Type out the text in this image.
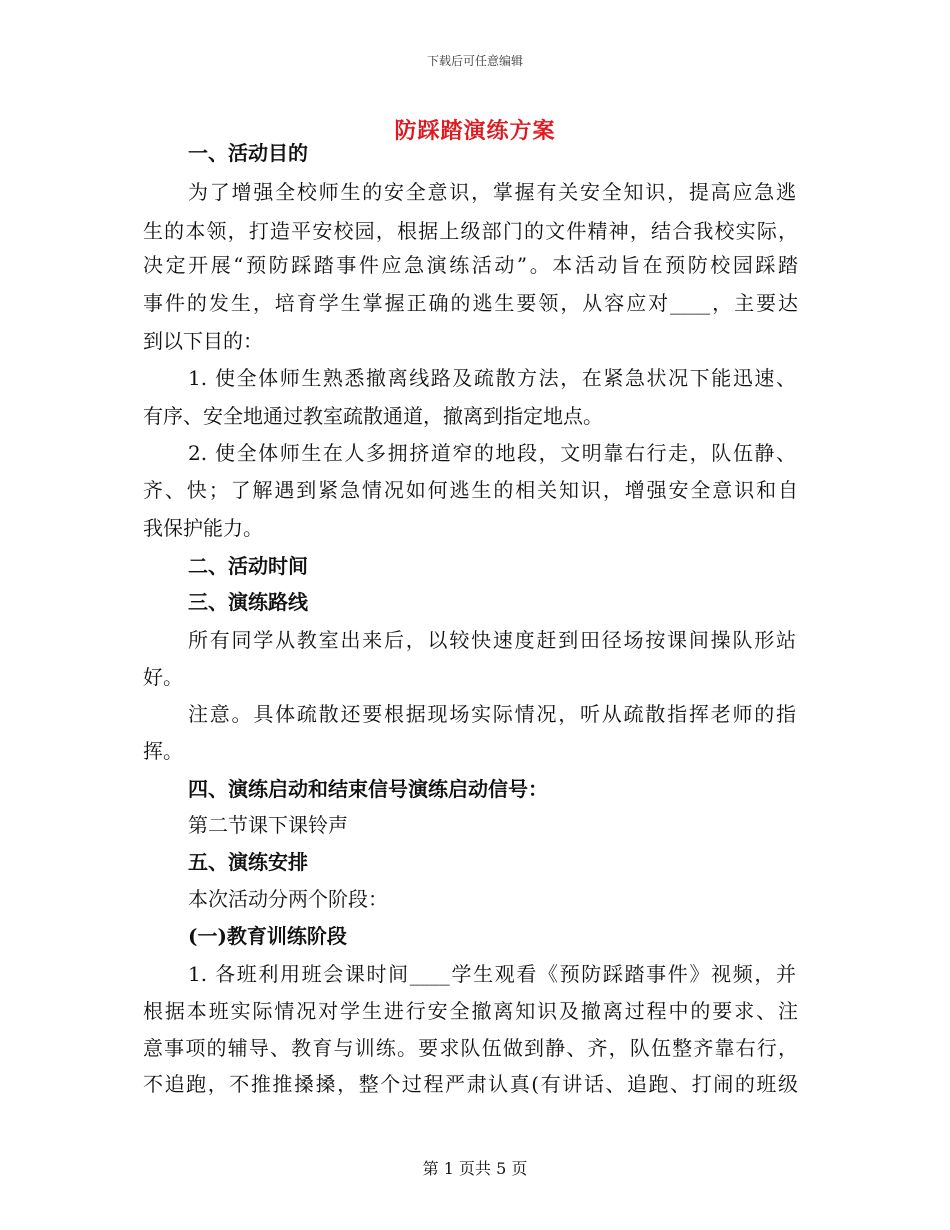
下载后可任意编辑
防踩踏演练方案
一、活动目的
为了增强全校师生的安全意识，掌握有关安全知识，提高应急逃
生的本领，打造平安校园，根据上级部门的文件精神，结合我校实际，
决定开展“预防踩踏事件应急演练活动”。本活动旨在预防校园踩踏
事件的发生，培育学生掌握正确的逃生要领，从容应对____，主要达
到以下目的：
1. 使全体师生熟悉撤离线路及疏散方法，在紧急状况下能迅速、
有序、安全地通过教室疏散通道，撤离到指定地点。
2. 使全体师生在人多拥挤道窄的地段，文明靠右行走，队伍静、
齐、快；了解遇到紧急情况如何逃生的相关知识，增强安全意识和自
我保护能力。
二、活动时间
三、演练路线
所有同学从教室出来后，以较快速度赶到田径场按课间操队形站
好。
注意。具体疏散还要根据现场实际情况，听从疏散指挥老师的指
挥。
四、演练启动和结束信号演练启动信号：
第二节课下课铃声
五、演练安排
本次活动分两个阶段：
(一)教育训练阶段
1. 各班利用班会课时间____学生观看《预防踩踏事件》视频，并
根据本班实际情况对学生进行安全撤离知识及撤离过程中的要求、注
意事项的辅导、教育与训练。要求队伍做到静、齐，队伍整齐靠右行，
不追跑，不推推搡搡，整个过程严肃认真(有讲话、追跑、打闹的班级
第 1 页共 5 页
